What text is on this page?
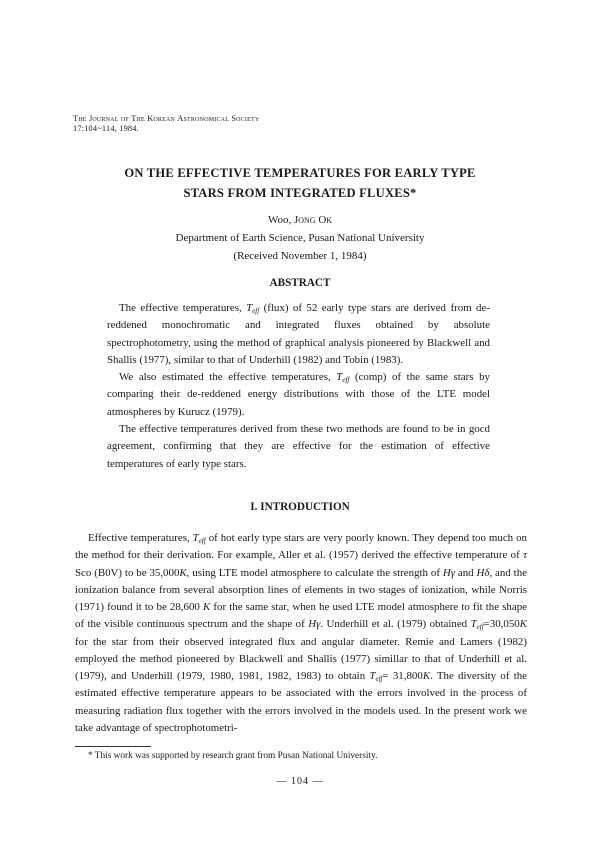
The Journal of The Korean Astronomical Society
17:104~114, 1984.
ON THE EFFECTIVE TEMPERATURES FOR EARLY TYPE
STARS FROM INTEGRATED FLUXES*
Woo, Jong Ok
Department of Earth Science, Pusan National University
(Received November 1, 1984)
ABSTRACT

The effective temperatures, $T_{eff}$ (flux) of 52 early type stars are derived from de-reddened monochromatic and integrated fluxes obtained by absolute spectrophotometry, using the method of graphical analysis pioneered by Blackwell and Shallis (1977), similar to that of Underhill (1982) and Tobin (1983).

We also estimated the effective temperatures, $T_{eff}$ (comp) of the same stars by comparing their de-reddened energy distributions with those of the LTE model atmospheres by Kurucz (1979).

The effective temperatures derived from these two methods are found to be in gocd agreement, confirming that they are effective for the estimation of effective temperatures of early type stars.

I. INTRODUCTION

Effective temperatures, $T_{eff}$ of hot early type stars are very poorly known. They depend too much on the method for their derivation. For example, Aller et al. (1957) derived the effective temperature of τ Sco (B0V) to be 35,000K, using LTE model atmosphere to calculate the strength of Hγ and Hδ, and the ionization balance from several absorption lines of elements in two stages of ionization, while Norris (1971) found it to be 28,600 K for the same star, when he used LTE model atmosphere to fit the shape of the visible continuous spectrum and the shape of Hγ. Underhill et al. (1979) obtained $T_{eff}=30,050K$ for the star from their observed integrated flux and angular diameter. Remie and Lamers (1982) employed the method pioneered by Blackwell and Shallis (1977) simillar to that of Underhill et al. (1979), and Underhill (1979, 1980, 1981, 1982, 1983) to obtain $T_{eff}= 31,800K$. The diversity of the estimated effective temperature appears to be associated with the errors involved in the process of measuring radiation flux together with the errors involved in the models used. In the present work we take advantage of spectrophotometri-

* This work was supported by research grant from Pusan National University.
— 104 —
